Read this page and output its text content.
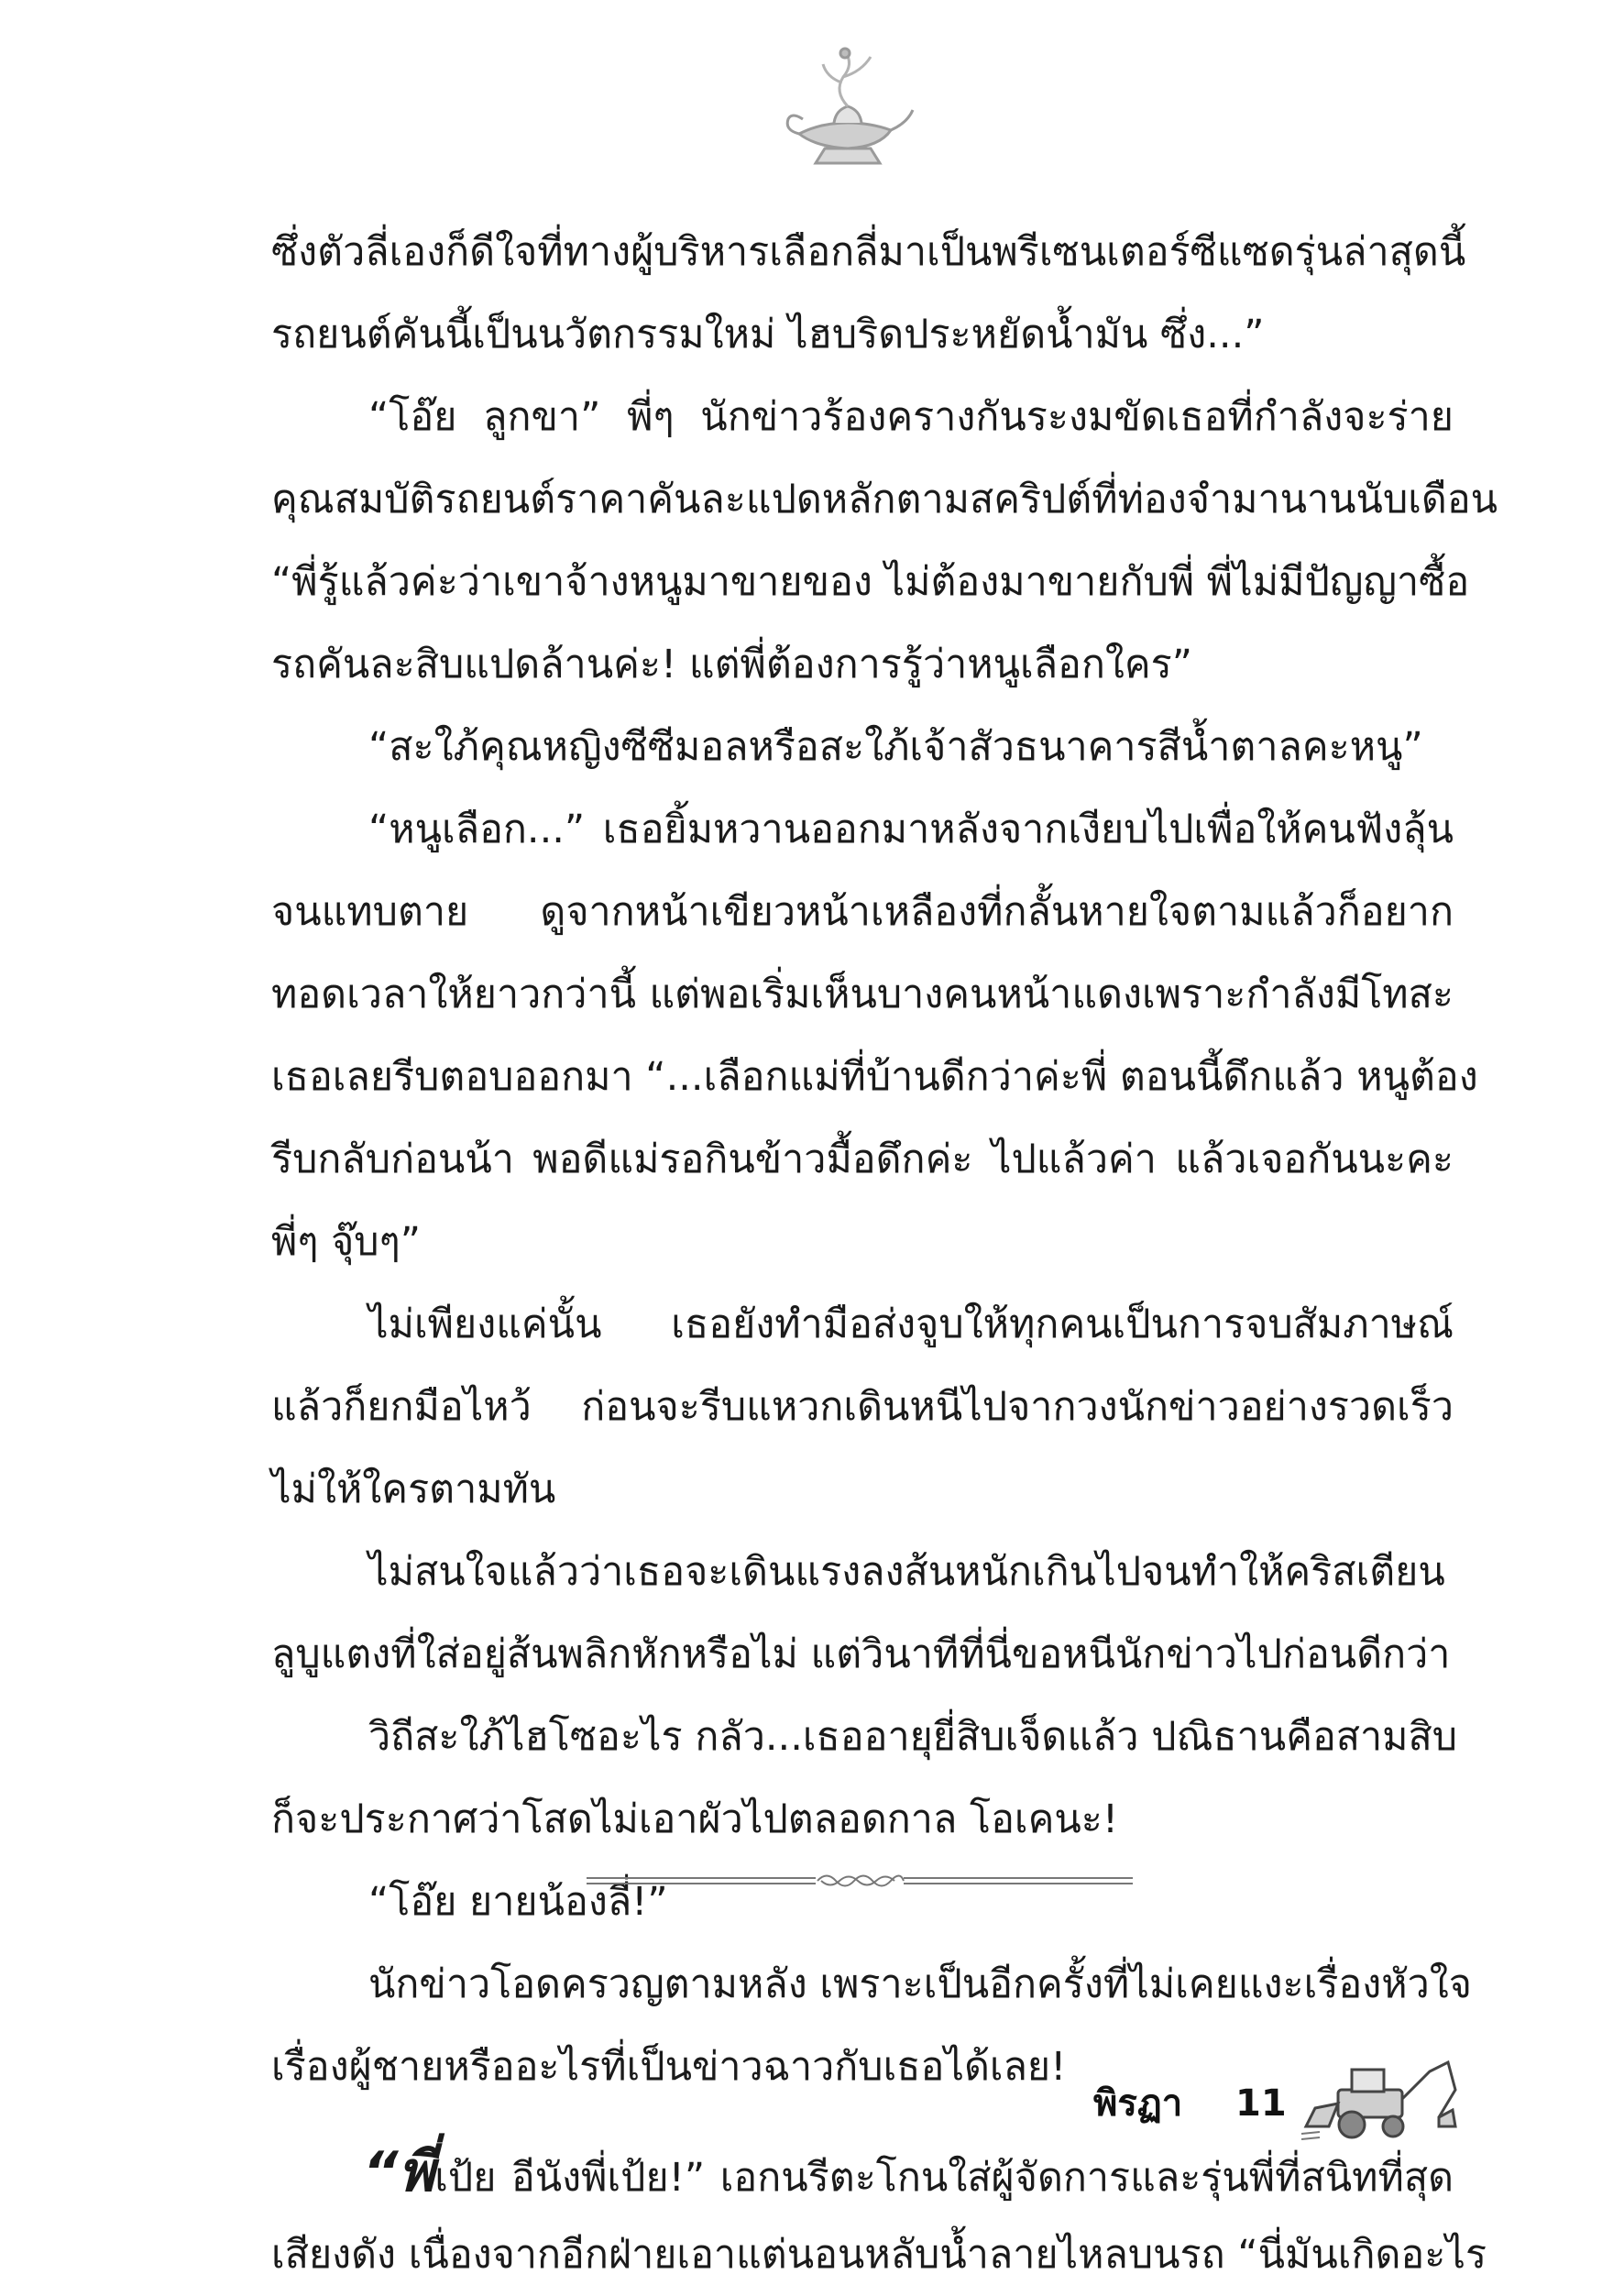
ซึ่งตัวลี่เองก็ดีใจที่ทางผู้บริหารเลือกลี่มาเป็นพรีเซนเตอร์ซีแซดรุ่นล่าสุดนี้
รถยนต์คันนี้เป็นนวัตกรรมใหม่ ไฮบริดประหยัดน้ำมัน ซึ่ง...”
“โอ๊ย ลูกขา” พี่ๆ นักข่าวร้องครางกันระงมขัดเธอที่กำลังจะร่าย
คุณสมบัติรถยนต์ราคาคันละแปดหลักตามสคริปต์ที่ท่องจำมานานนับเดือน
“พี่รู้แล้วค่ะว่าเขาจ้างหนูมาขายของ ไม่ต้องมาขายกับพี่ พี่ไม่มีปัญญาซื้อ
รถคันละสิบแปดล้านค่ะ! แต่พี่ต้องการรู้ว่าหนูเลือกใคร”
“สะใภ้คุณหญิงซีซีมอลหรือสะใภ้เจ้าสัวธนาคารสีน้ำตาลคะหนู”
“หนูเลือก...” เธอยิ้มหวานออกมาหลังจากเงียบไปเพื่อให้คนฟังลุ้น
จนแทบตาย ดูจากหน้าเขียวหน้าเหลืองที่กลั้นหายใจตามแล้วก็อยาก
ทอดเวลาให้ยาวกว่านี้ แต่พอเริ่มเห็นบางคนหน้าแดงเพราะกำลังมีโทสะ
เธอเลยรีบตอบออกมา “...เลือกแม่ที่บ้านดีกว่าค่ะพี่ ตอนนี้ดึกแล้ว หนูต้อง
รีบกลับก่อนน้า พอดีแม่รอกินข้าวมื้อดึกค่ะ ไปแล้วค่า แล้วเจอกันนะคะ
พี่ๆ จุ๊บๆ”
ไม่เพียงแค่นั้น เธอยังทำมือส่งจูบให้ทุกคนเป็นการจบสัมภาษณ์
แล้วก็ยกมือไหว้ ก่อนจะรีบแหวกเดินหนีไปจากวงนักข่าวอย่างรวดเร็ว
ไม่ให้ใครตามทัน
ไม่สนใจแล้วว่าเธอจะเดินแรงลงส้นหนักเกินไปจนทำให้คริสเตียน
ลูบูแตงที่ใส่อยู่ส้นพลิกหักหรือไม่ แต่วินาทีที่นี่ขอหนีนักข่าวไปก่อนดีกว่า
วิถีสะใภ้ไฮโซอะไร กลัว...เธออายุยี่สิบเจ็ดแล้ว ปณิธานคือสามสิบ
ก็จะประกาศว่าโสดไม่เอาผัวไปตลอดกาล โอเคนะ!
“โอ๊ย ยายน้องลี่!”
นักข่าวโอดครวญตามหลัง เพราะเป็นอีกครั้งที่ไม่เคยแงะเรื่องหัวใจ
เรื่องผู้ชายหรืออะไรที่เป็นข่าวฉาวกับเธอได้เลย!
“พี่เป้ย อีนังพี่เป้ย!” เอกนรีตะโกนใส่ผู้จัดการและรุ่นพี่ที่สนิทที่สุด
เสียงดัง เนื่องจากอีกฝ่ายเอาแต่นอนหลับน้ำลายไหลบนรถ “นี่มันเกิดอะไร
พิรฏา 11
